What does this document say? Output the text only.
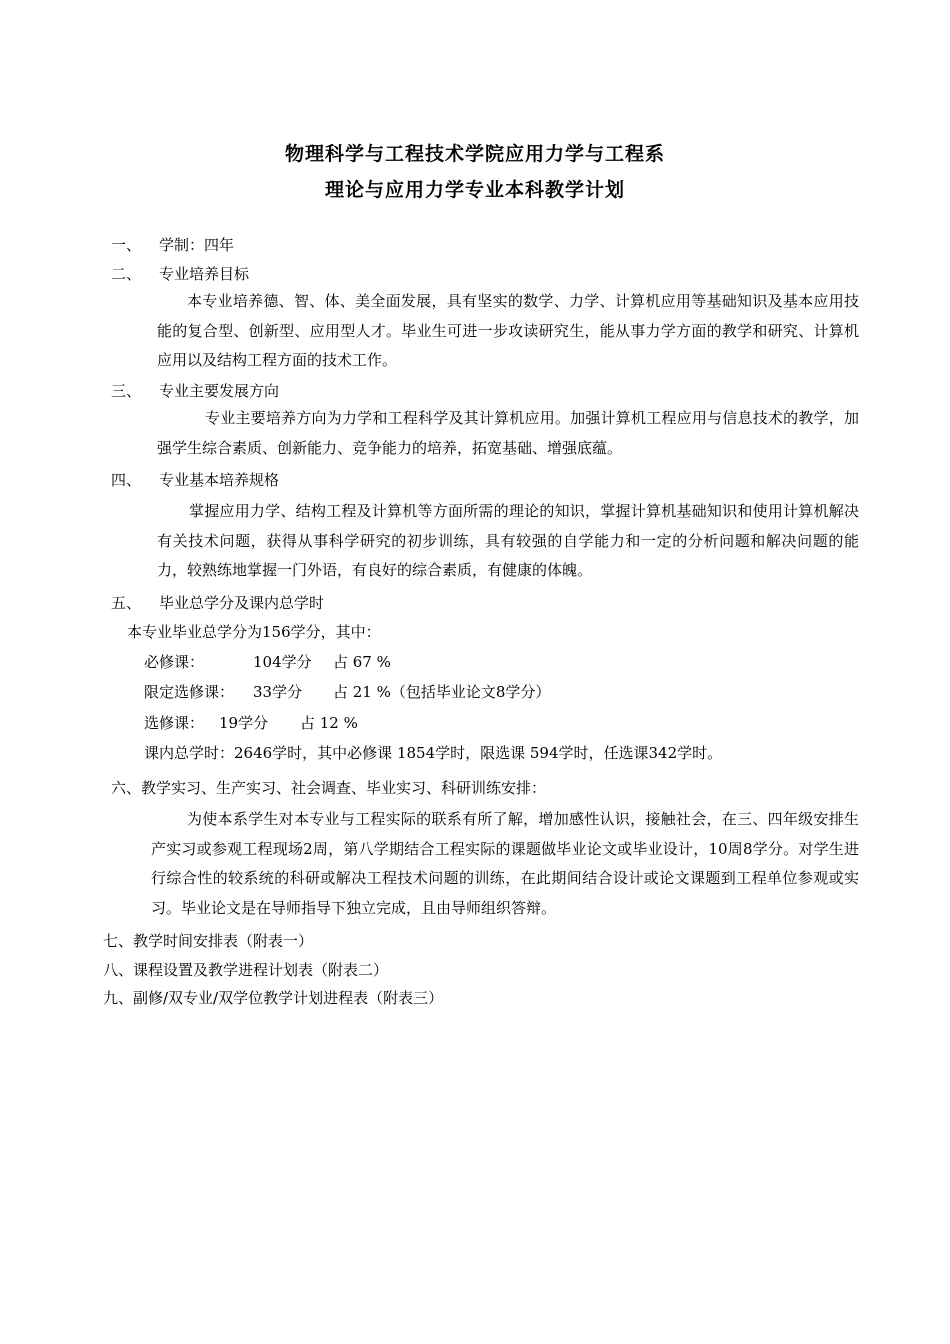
物理科学与工程技术学院应用力学与工程系
理论与应用力学专业本科教学计划
一、 学制：四年
二、 专业培养目标
本专业培养德、智、体、美全面发展，具有坚实的数学、力学、计算机应用等基础知识及基本应用技能的复合型、创新型、应用型人才。毕业生可进一步攻读研究生，能从事力学方面的教学和研究、计算机应用以及结构工程方面的技术工作。
三、 专业主要发展方向
专业主要培养方向为力学和工程科学及其计算机应用。加强计算机工程应用与信息技术的教学，加强学生综合素质、创新能力、竞争能力的培养，拓宽基础、增强底蕴。
四、 专业基本培养规格
掌握应用力学、结构工程及计算机等方面所需的理论的知识，掌握计算机基础知识和使用计算机解决有关技术问题，获得从事科学研究的初步训练，具有较强的自学能力和一定的分析问题和解决问题的能力，较熟练地掌握一门外语，有良好的综合素质，有健康的体魄。
五、 毕业总学分及课内总学时
本专业毕业总学分为156学分，其中：
必修课：	104学分 占 67 %
限定选修课： 33学分 占 21 %（包括毕业论文8学分）
选修课： 19学分 占 12 %
课内总学时：2646学时，其中必修课 1854学时，限选课 594学时，任选课342学时。
六、教学实习、生产实习、社会调查、毕业实习、科研训练安排：
为使本系学生对本专业与工程实际的联系有所了解，增加感性认识，接触社会，在三、四年级安排生产实习或参观工程现场2周，第八学期结合工程实际的课题做毕业论文或毕业设计，10周8学分。对学生进行综合性的较系统的科研或解决工程技术问题的训练，在此期间结合设计或论文课题到工程单位参观或实习。毕业论文是在导师指导下独立完成，且由导师组织答辩。
七、教学时间安排表（附表一）
八、课程设置及教学进程计划表（附表二）
九、副修/双专业/双学位教学计划进程表（附表三）
